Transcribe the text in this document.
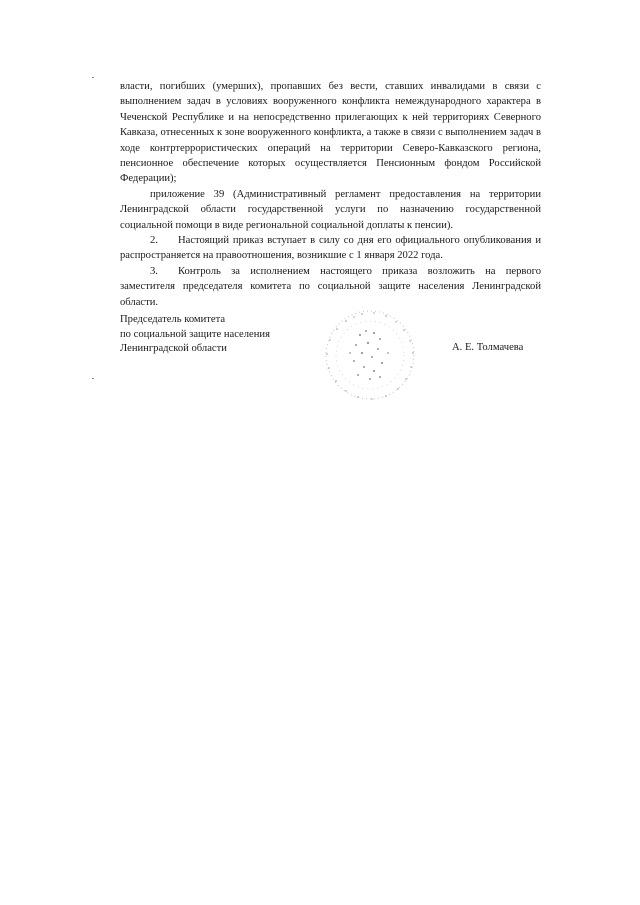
власти, погибших (умерших), пропавших без вести, ставших инвалидами в связи с выполнением задач в условиях вооруженного конфликта немеждународного характера в Чеченской Республике и на непосредственно прилегающих к ней территориях Северного Кавказа, отнесенных к зоне вооруженного конфликта, а также в связи с выполнением задач в ходе контртеррористических операций на территории Северо-Кавказского региона, пенсионное обеспечение которых осуществляется Пенсионным фондом Российской Федерации);

приложение 39 (Административный регламент предоставления на территории Ленинградской области государственной услуги по назначению государственной социальной помощи в виде региональной социальной доплаты к пенсии).

2. Настоящий приказ вступает в силу со дня его официального опубликования и распространяется на правоотношения, возникшие с 1 января 2022 года.

3. Контроль за исполнением настоящего приказа возложить на первого заместителя председателя комитета по социальной защите населения Ленинградской области.

Председатель комитета
по социальной защите населения
Ленинградской области	А. Е. Толмачева
